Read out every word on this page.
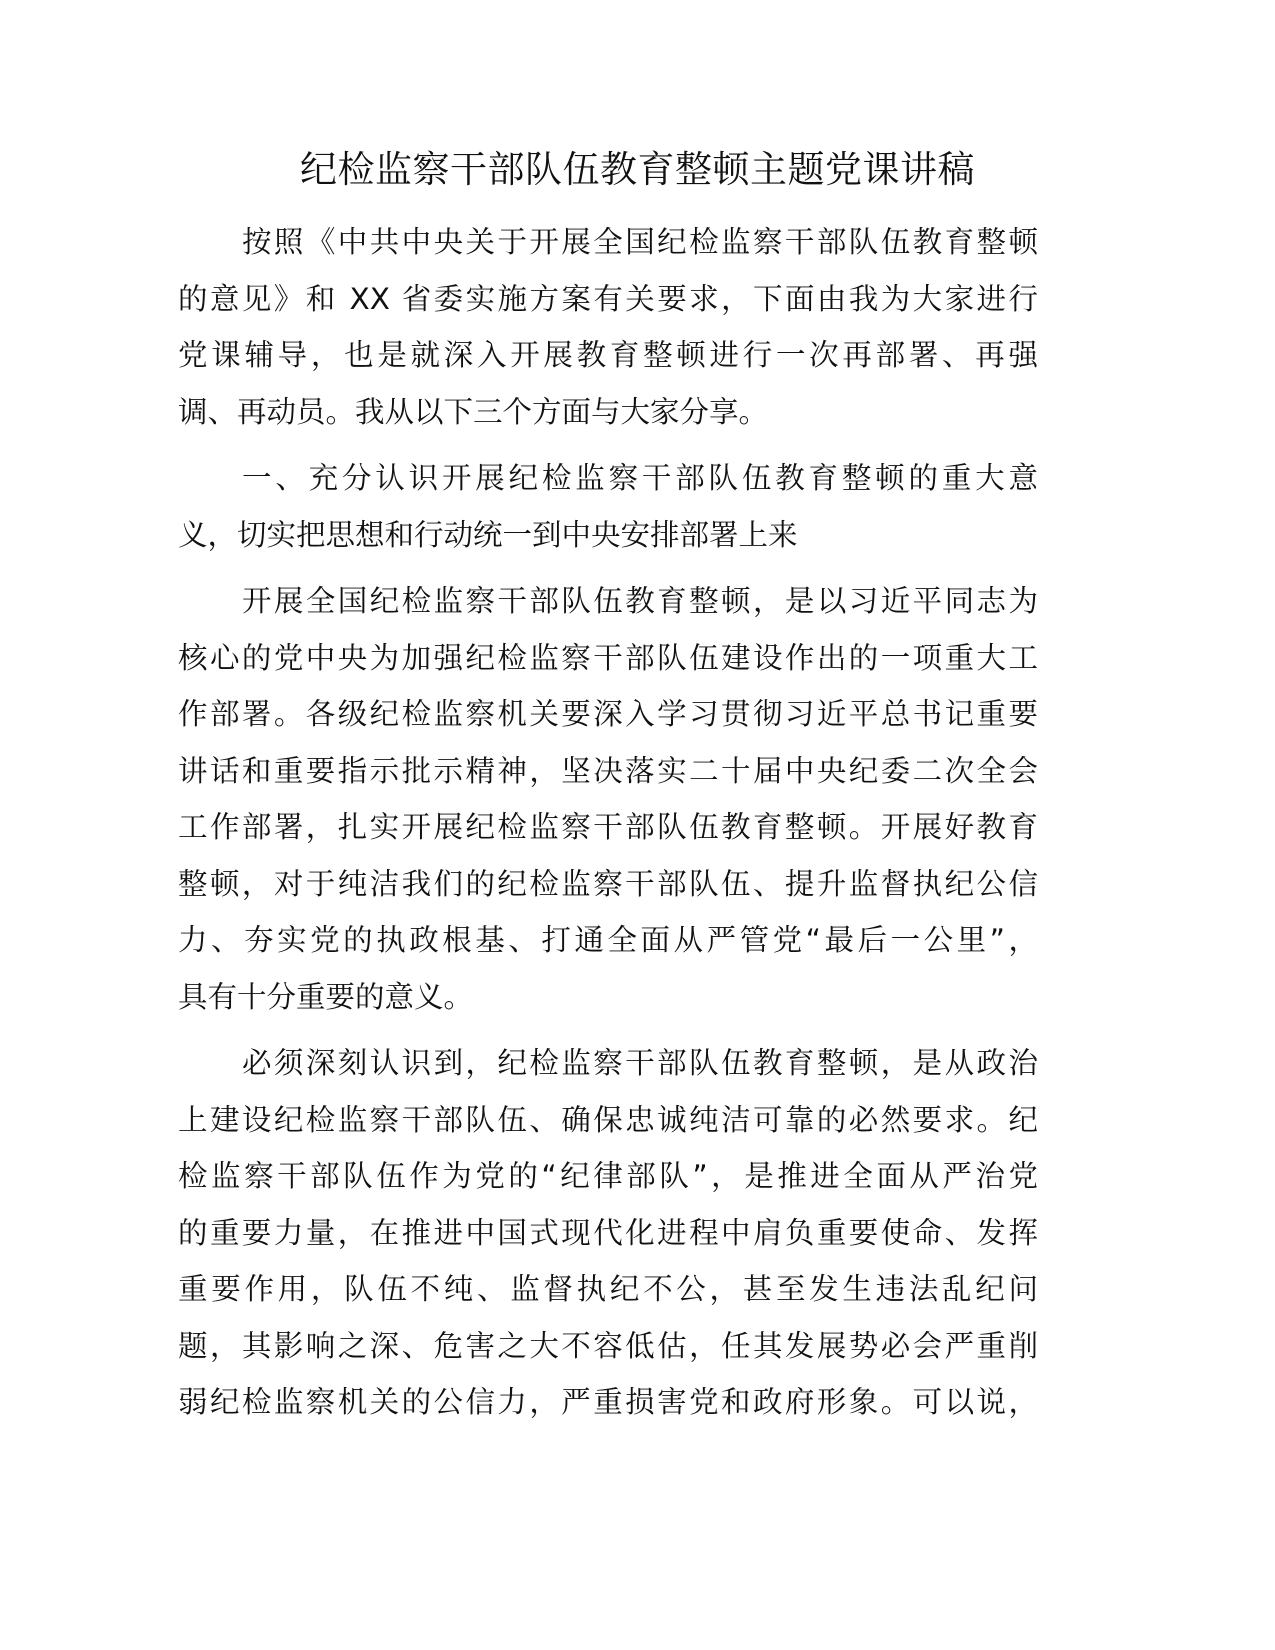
纪检监察干部队伍教育整顿主题党课讲稿
按照《中共中央关于开展全国纪检监察干部队伍教育整顿
的意见》和 XX 省委实施方案有关要求，下面由我为大家进行
党课辅导，也是就深入开展教育整顿进行一次再部署、再强
调、再动员。我从以下三个方面与大家分享。
一、充分认识开展纪检监察干部队伍教育整顿的重大意
义，切实把思想和行动统一到中央安排部署上来
开展全国纪检监察干部队伍教育整顿，是以习近平同志为
核心的党中央为加强纪检监察干部队伍建设作出的一项重大工
作部署。各级纪检监察机关要深入学习贯彻习近平总书记重要
讲话和重要指示批示精神，坚决落实二十届中央纪委二次全会
工作部署，扎实开展纪检监察干部队伍教育整顿。开展好教育
整顿，对于纯洁我们的纪检监察干部队伍、提升监督执纪公信
力、夯实党的执政根基、打通全面从严管党“最后一公里”，
具有十分重要的意义。
必须深刻认识到，纪检监察干部队伍教育整顿，是从政治
上建设纪检监察干部队伍、确保忠诚纯洁可靠的必然要求。纪
检监察干部队伍作为党的“纪律部队”，是推进全面从严治党
的重要力量，在推进中国式现代化进程中肩负重要使命、发挥
重要作用，队伍不纯、监督执纪不公，甚至发生违法乱纪问
题，其影响之深、危害之大不容低估，任其发展势必会严重削
弱纪检监察机关的公信力，严重损害党和政府形象。可以说，
